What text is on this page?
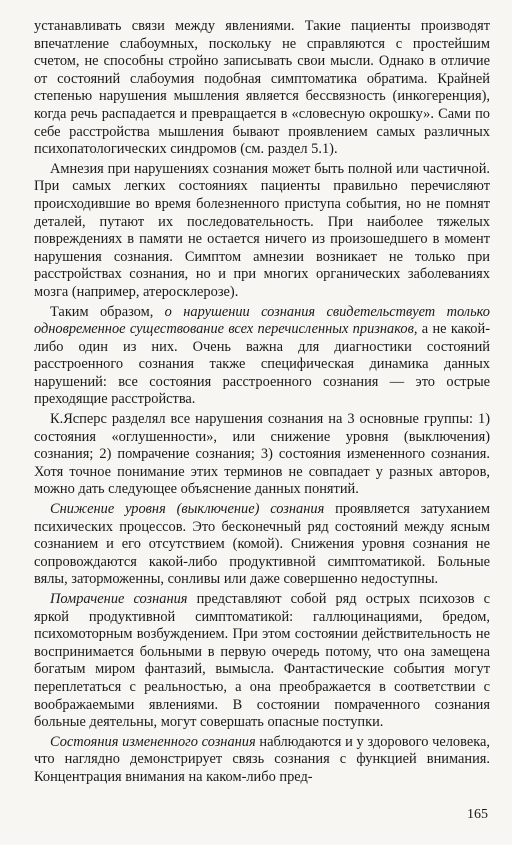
устанавливать связи между явлениями. Такие пациенты производят впечатление слабоумных, поскольку не справляются с простейшим счетом, не способны стройно записывать свои мысли. Однако в отличие от состояний слабоумия подобная симптоматика обратима. Крайней степенью нарушения мышления является бессвязность (инкогеренция), когда речь распадается и превращается в «словесную окрошку». Сами по себе расстройства мышления бывают проявлением самых различных психопатологических синдромов (см. раздел 5.1).

Амнезия при нарушениях сознания может быть полной или частичной. При самых легких состояниях пациенты правильно перечисляют происходившие во время болезненного приступа события, но не помнят деталей, путают их последовательность. При наиболее тяжелых повреждениях в памяти не остается ничего из произошедшего в момент нарушения сознания. Симптом амнезии возникает не только при расстройствах сознания, но и при многих органических заболеваниях мозга (например, атеросклерозе).

Таким образом, о нарушении сознания свидетельствует только одновременное существование всех перечисленных признаков, а не какой-либо один из них. Очень важна для диагностики состояний расстроенного сознания также специфическая динамика данных нарушений: все состояния расстроенного сознания — это острые преходящие расстройства.

К.Ясперс разделял все нарушения сознания на 3 основные группы: 1) состояния «оглушенности», или снижение уровня (выключения) сознания; 2) помрачение сознания; 3) состояния измененного сознания. Хотя точное понимание этих терминов не совпадает у разных авторов, можно дать следующее объяснение данных понятий.

Снижение уровня (выключение) сознания проявляется затуханием психических процессов. Это бесконечный ряд состояний между ясным сознанием и его отсутствием (комой). Снижения уровня сознания не сопровождаются какой-либо продуктивной симптоматикой. Больные вялы, заторможенны, сонливы или даже совершенно недоступны.

Помрачение сознания представляют собой ряд острых психозов с яркой продуктивной симптоматикой: галлюцинациями, бредом, психомоторным возбуждением. При этом состоянии действительность не воспринимается больными в первую очередь потому, что она замещена богатым миром фантазий, вымысла. Фантастические события могут переплетаться с реальностью, а она преображается в соответствии с воображаемыми явлениями. В состоянии помраченного сознания больные деятельны, могут совершать опасные поступки.

Состояния измененного сознания наблюдаются и у здорового человека, что наглядно демонстрирует связь сознания с функцией внимания. Концентрация внимания на каком-либо пред-

165
